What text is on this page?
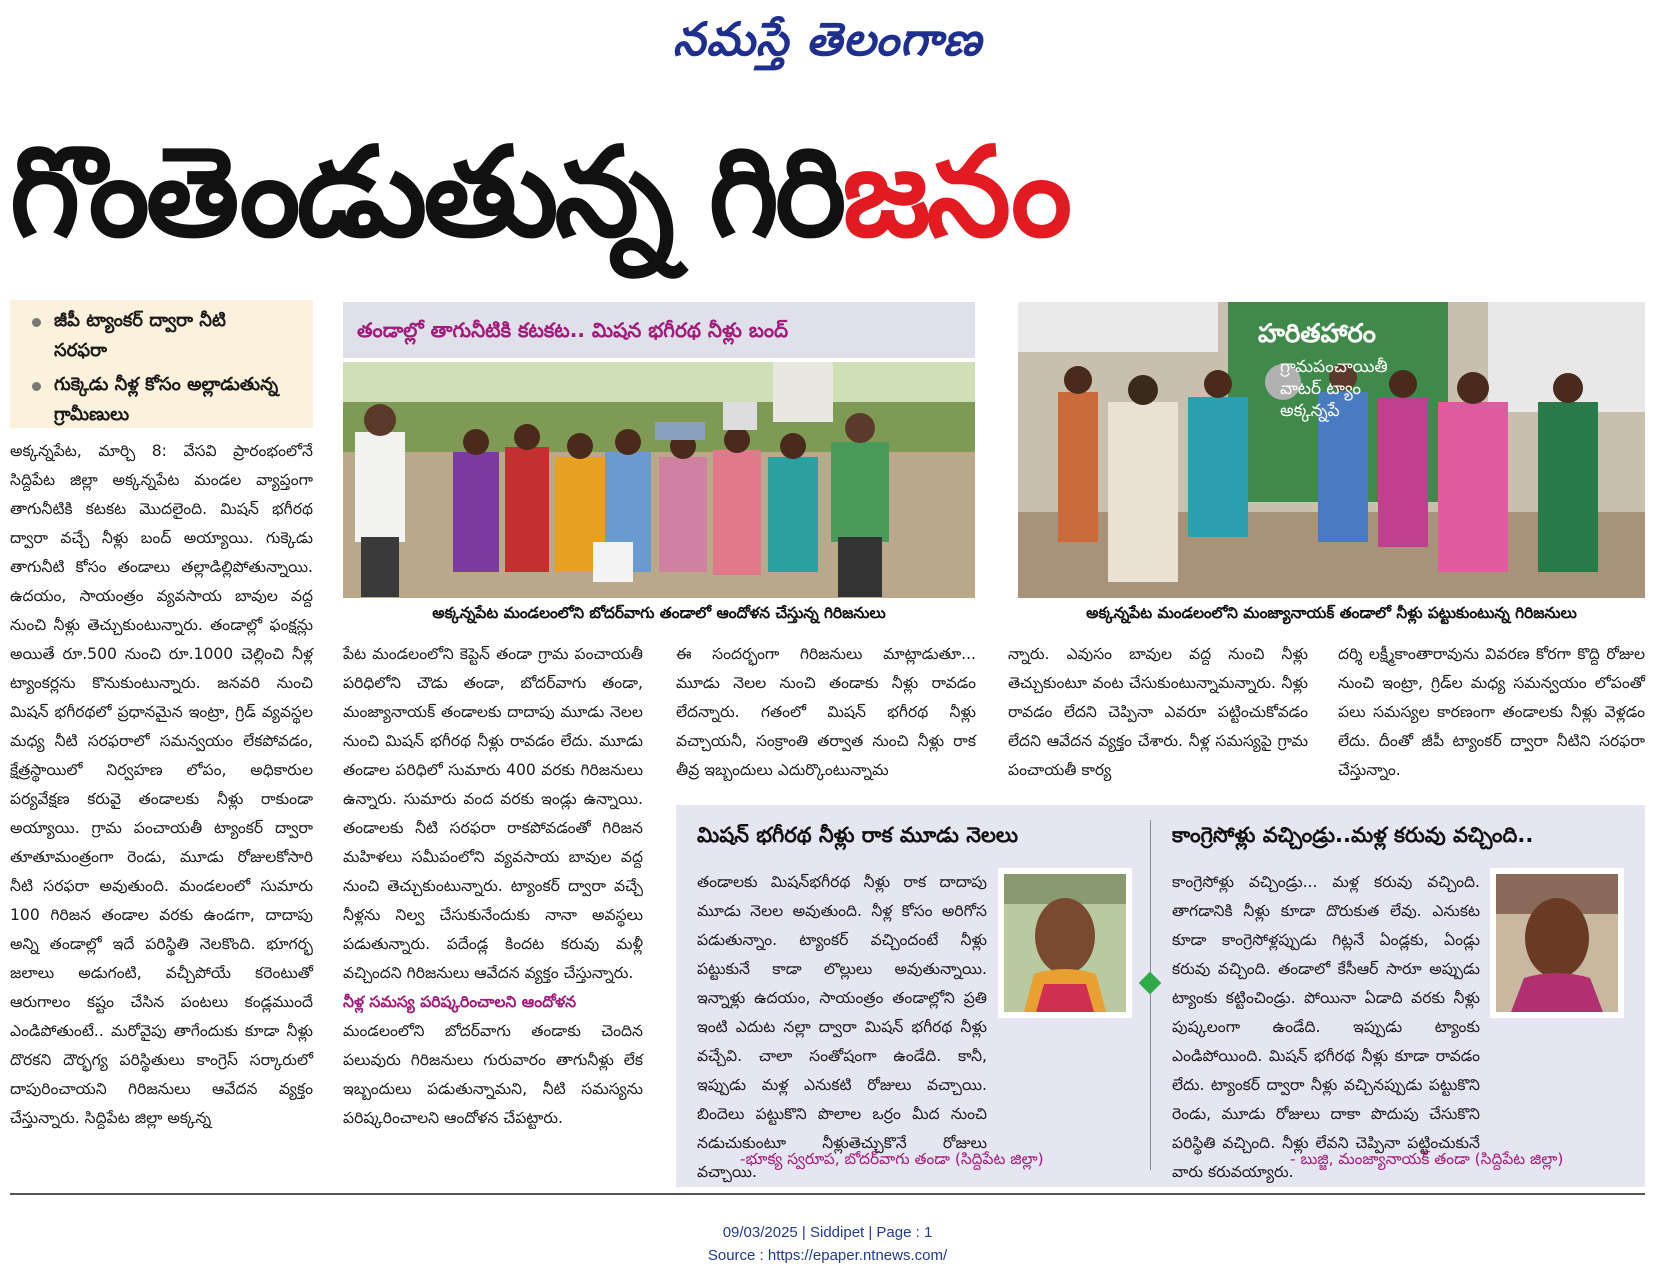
నమస్తే తెలంగాణ
గొంతెండుతున్న గిరిజనం
జీపీ ట్యాంకర్ ద్వారా నీటి సరఫరా
గుక్కెడు నీళ్ల కోసం అల్లాడుతున్న గ్రామీణులు

అక్కన్నపేట, మార్చి 8: వేసవి ప్రారంభంలోనే సిద్దిపేట జిల్లా అక్కన్నపేట మండల వ్యాప్తంగా తాగునీటికి కటకట మొదలైంది. మిషన్ భగీరథ ద్వారా వచ్చే నీళ్లు బంద్ అయ్యాయి. గుక్కెడు తాగునీటి కోసం తండాలు తల్లాడిల్లిపోతున్నాయి. ఉదయం, సాయంత్రం వ్యవసాయ బావుల వద్ద నుంచి నీళ్లు తెచ్చుకుంటున్నారు. తండాల్లో ఫంక్షన్లు అయితే రూ.500 నుంచి రూ.1000 చెల్లించి నీళ్ల ట్యాంకర్లను కొనుకుంటున్నారు. జనవరి నుంచి మిషన్ భగీరథలో ప్రధానమైన ఇంట్రా, గ్రిడ్ వ్యవస్థల మధ్య నీటి సరఫరాలో సమన్వయం లేకపోవడం, క్షేత్రస్థాయిలో నిర్వహణ లోపం, అధికారుల పర్యవేక్షణ కరువై తండాలకు నీళ్లు రాకుండా అయ్యాయి. గ్రామ పంచాయతీ ట్యాంకర్ ద్వారా తూతూమంత్రంగా రెండు, మూడు రోజులకోసారి నీటి సరఫరా అవుతుంది. మండలంలో సుమారు 100 గిరిజన తండాల వరకు ఉండగా, దాదాపు అన్ని తండాల్లో ఇదే పరిస్థితి నెలకొంది. భూగర్భ జలాలు అడుగంటి, వచ్చీపోయే కరెంటుతో ఆరుగాలం కష్టం చేసిన పంటలు కండ్లముందే ఎండిపోతుంటే.. మరోవైపు తాగేందుకు కూడా నీళ్లు దొరకని దౌర్భగ్య పరిస్థితులు కాంగ్రెస్ సర్కారులో దాపురించాయని గిరిజనులు ఆవేదన వ్యక్తం చేస్తున్నారు. సిద్దిపేట జిల్లా అక్కన్న

తండాల్లో తాగునీటికి కటకట.. మిషన భగీరథ నీళ్లు బంద్	హరితహారం
గ్రామపంచాయితీ
వాటర్ ట్యాం
అక్కన్నపే
అక్కన్నపేట మండలంలోని బోదర్‌వాగు తండాలో ఆందోళన చేస్తున్న గిరిజనులు	అక్కన్నపేట మండలంలోని మంజ్యానాయక్ తండాలో నీళ్లు పట్టుకుంటున్న గిరిజనులు

పేట మండలంలోని కెప్టెన్ తండా గ్రామ పంచాయతీ పరిధిలోని చౌడు తండా, బోదర్‌వాగు తండా, మంజ్యానాయక్ తండాలకు దాదాపు మూడు నెలల నుంచి మిషన్ భగీరథ నీళ్లు రావడం లేదు. మూడు తండాల పరిధిలో సుమారు 400 వరకు గిరిజనులు ఉన్నారు. సుమారు వంద వరకు ఇండ్లు ఉన్నాయి. తండాలకు నీటి సరఫరా రాకపోవడంతో గిరిజన మహిళలు సమీపంలోని వ్యవసాయ బావుల వద్ద నుంచి తెచ్చుకుంటున్నారు. ట్యాంకర్ ద్వారా వచ్చే నీళ్లను నిల్వ చేసుకునేందుకు నానా అవస్థలు పడుతున్నారు. పదేండ్ల కిందట కరువు మళ్లీ వచ్చిందని గిరిజనులు ఆవేదన వ్యక్తం చేస్తున్నారు.

నీళ్ల సమస్య పరిష్కరించాలని ఆందోళన

మండలంలోని బోదర్‌వాగు తండాకు చెందిన పలువురు గిరిజనులు గురువారం తాగునీళ్లు లేక ఇబ్బందులు పడుతున్నామని, నీటి సమస్యను పరిష్కరించాలని ఆందోళన చేపట్టారు.

ఈ సందర్భంగా గిరిజనులు మాట్లాడుతూ... మూడు నెలల నుంచి తండాకు నీళ్లు రావడం లేదన్నారు. గతంలో మిషన్ భగీరథ నీళ్లు వచ్చాయనీ, సంక్రాంతి తర్వాత నుంచి నీళ్లు రాక తీవ్ర ఇబ్బందులు ఎదుర్కొంటున్నామ

న్నారు. ఎవుసం బావుల వద్ద నుంచి నీళ్లు తెచ్చుకుంటూ వంట చేసుకుంటున్నామన్నారు. నీళ్లు రావడం లేదని చెప్పినా ఎవరూ పట్టించుకోవడం లేదని ఆవేదన వ్యక్తం చేశారు. నీళ్ల సమస్యపై గ్రామ పంచాయతీ కార్య

దర్శి లక్ష్మీకాంతారావును వివరణ కోరగా కొద్ది రోజుల నుంచి ఇంట్రా, గ్రిడ్‌ల మధ్య సమన్వయం లోపంతో పలు సమస్యల కారణంగా తండాలకు నీళ్లు వెళ్లడం లేదు. దీంతో జీపీ ట్యాంకర్ ద్వారా నీటిని సరఫరా చేస్తున్నాం.

మిషన్ భగీరథ నీళ్లు రాక మూడు నెలలు
తండాలకు మిషన్‌భగీరథ నీళ్లు రాక దాదాపు మూడు నెలల అవుతుంది. నీళ్ల కోసం అరిగోస పడుతున్నాం. ట్యాంకర్ వచ్చిందంటే నీళ్లు పట్టుకునే కాడా లొల్లులు అవుతున్నాయి. ఇన్నాళ్లు ఉదయం, సాయంత్రం తండాల్లోని ప్రతి ఇంటి ఎదుట నల్లా ద్వారా మిషన్ భగీరథ నీళ్లు వచ్చేవి. చాలా సంతోషంగా ఉండేది. కానీ, ఇప్పుడు మళ్ల ఎనుకటి రోజులు వచ్చాయి. బిందెలు పట్టుకొని పొలాల ఒర్రం మీద నుంచి నడుచుకుంటూ నీళ్లుతెచ్చుకొనే రోజులు వచ్చాయి.
-భూక్య స్వరూప, బోదర్‌వాగు తండా (సిద్దిపేట జిల్లా)
కాంగ్రెసోళ్లు వచ్చిండ్రు..మళ్ల కరువు వచ్చింది..
కాంగ్రెసోళ్లు వచ్చిండ్రు... మళ్ల కరువు వచ్చింది. తాగడానికి నీళ్లు కూడా దొరుకుత లేవు. ఎనుకట కూడా కాంగ్రెసోళ్లప్పుడు గిట్లనే ఏండ్లకు, ఏండ్లు కరువు వచ్చింది. తండాలో కేసీఆర్ సారూ అప్పుడు ట్యాంకు కట్టించిండ్రు. పోయినా ఏడాది వరకు నీళ్లు పుష్కలంగా ఉండేది. ఇప్పుడు ట్యాంకు ఎండిపోయింది. మిషన్ భగీరథ నీళ్లు కూడా రావడం లేదు. ట్యాంకర్ ద్వారా నీళ్లు వచ్చినప్పుడు పట్టుకొని రెండు, మూడు రోజులు దాకా పొదుపు చేసుకొని పరిస్థితి వచ్చింది. నీళ్లు లేవని చెప్పినా పట్టించుకునే వారు కరువయ్యారు.
- బుజ్జి, మంజ్యానాయక్ తండా (సిద్దిపేట జిల్లా)
09/03/2025 | Siddipet | Page : 1
Source : https://epaper.ntnews.com/
